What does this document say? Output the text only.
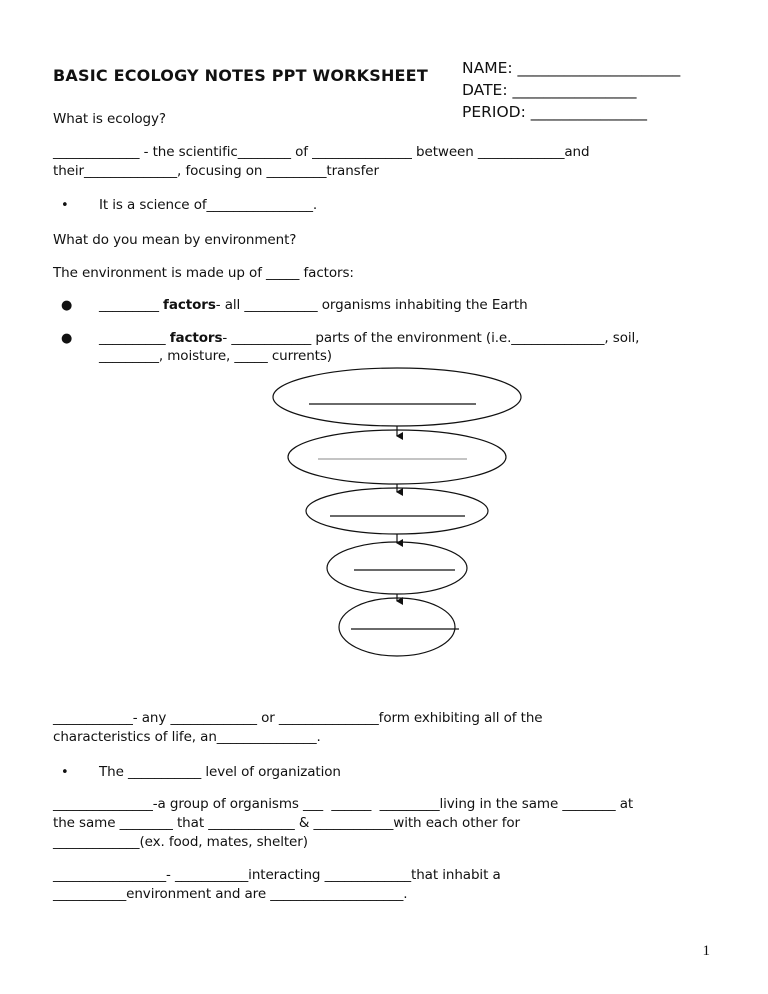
BASIC ECOLOGY NOTES PPT WORKSHEET NAME: _____________________
DATE: ________________
PERIOD: _______________
What is ecology?
_____________ - the scientific________ of _______________ between _____________and
their______________, focusing on _________transfer
• It is a science of________________.
What do you mean by environment?
The environment is made up of _____ factors:
● _________ factors- all ___________ organisms inhabiting the Earth
● __________ factors- ____________ parts of the environment (i.e.______________, soil,
_________, moisture, _____ currents)
____________- any _____________ or _______________form exhibiting all of the
characteristics of life, an_______________.
• The ___________ level of organization
_______________-a group of organisms ___  ______  _________living in the same ________ at
the same ________ that _____________ & ____________with each other for
_____________(ex. food, mates, shelter)
_________________- ___________interacting _____________that inhabit a
___________environment and are ____________________.
1
